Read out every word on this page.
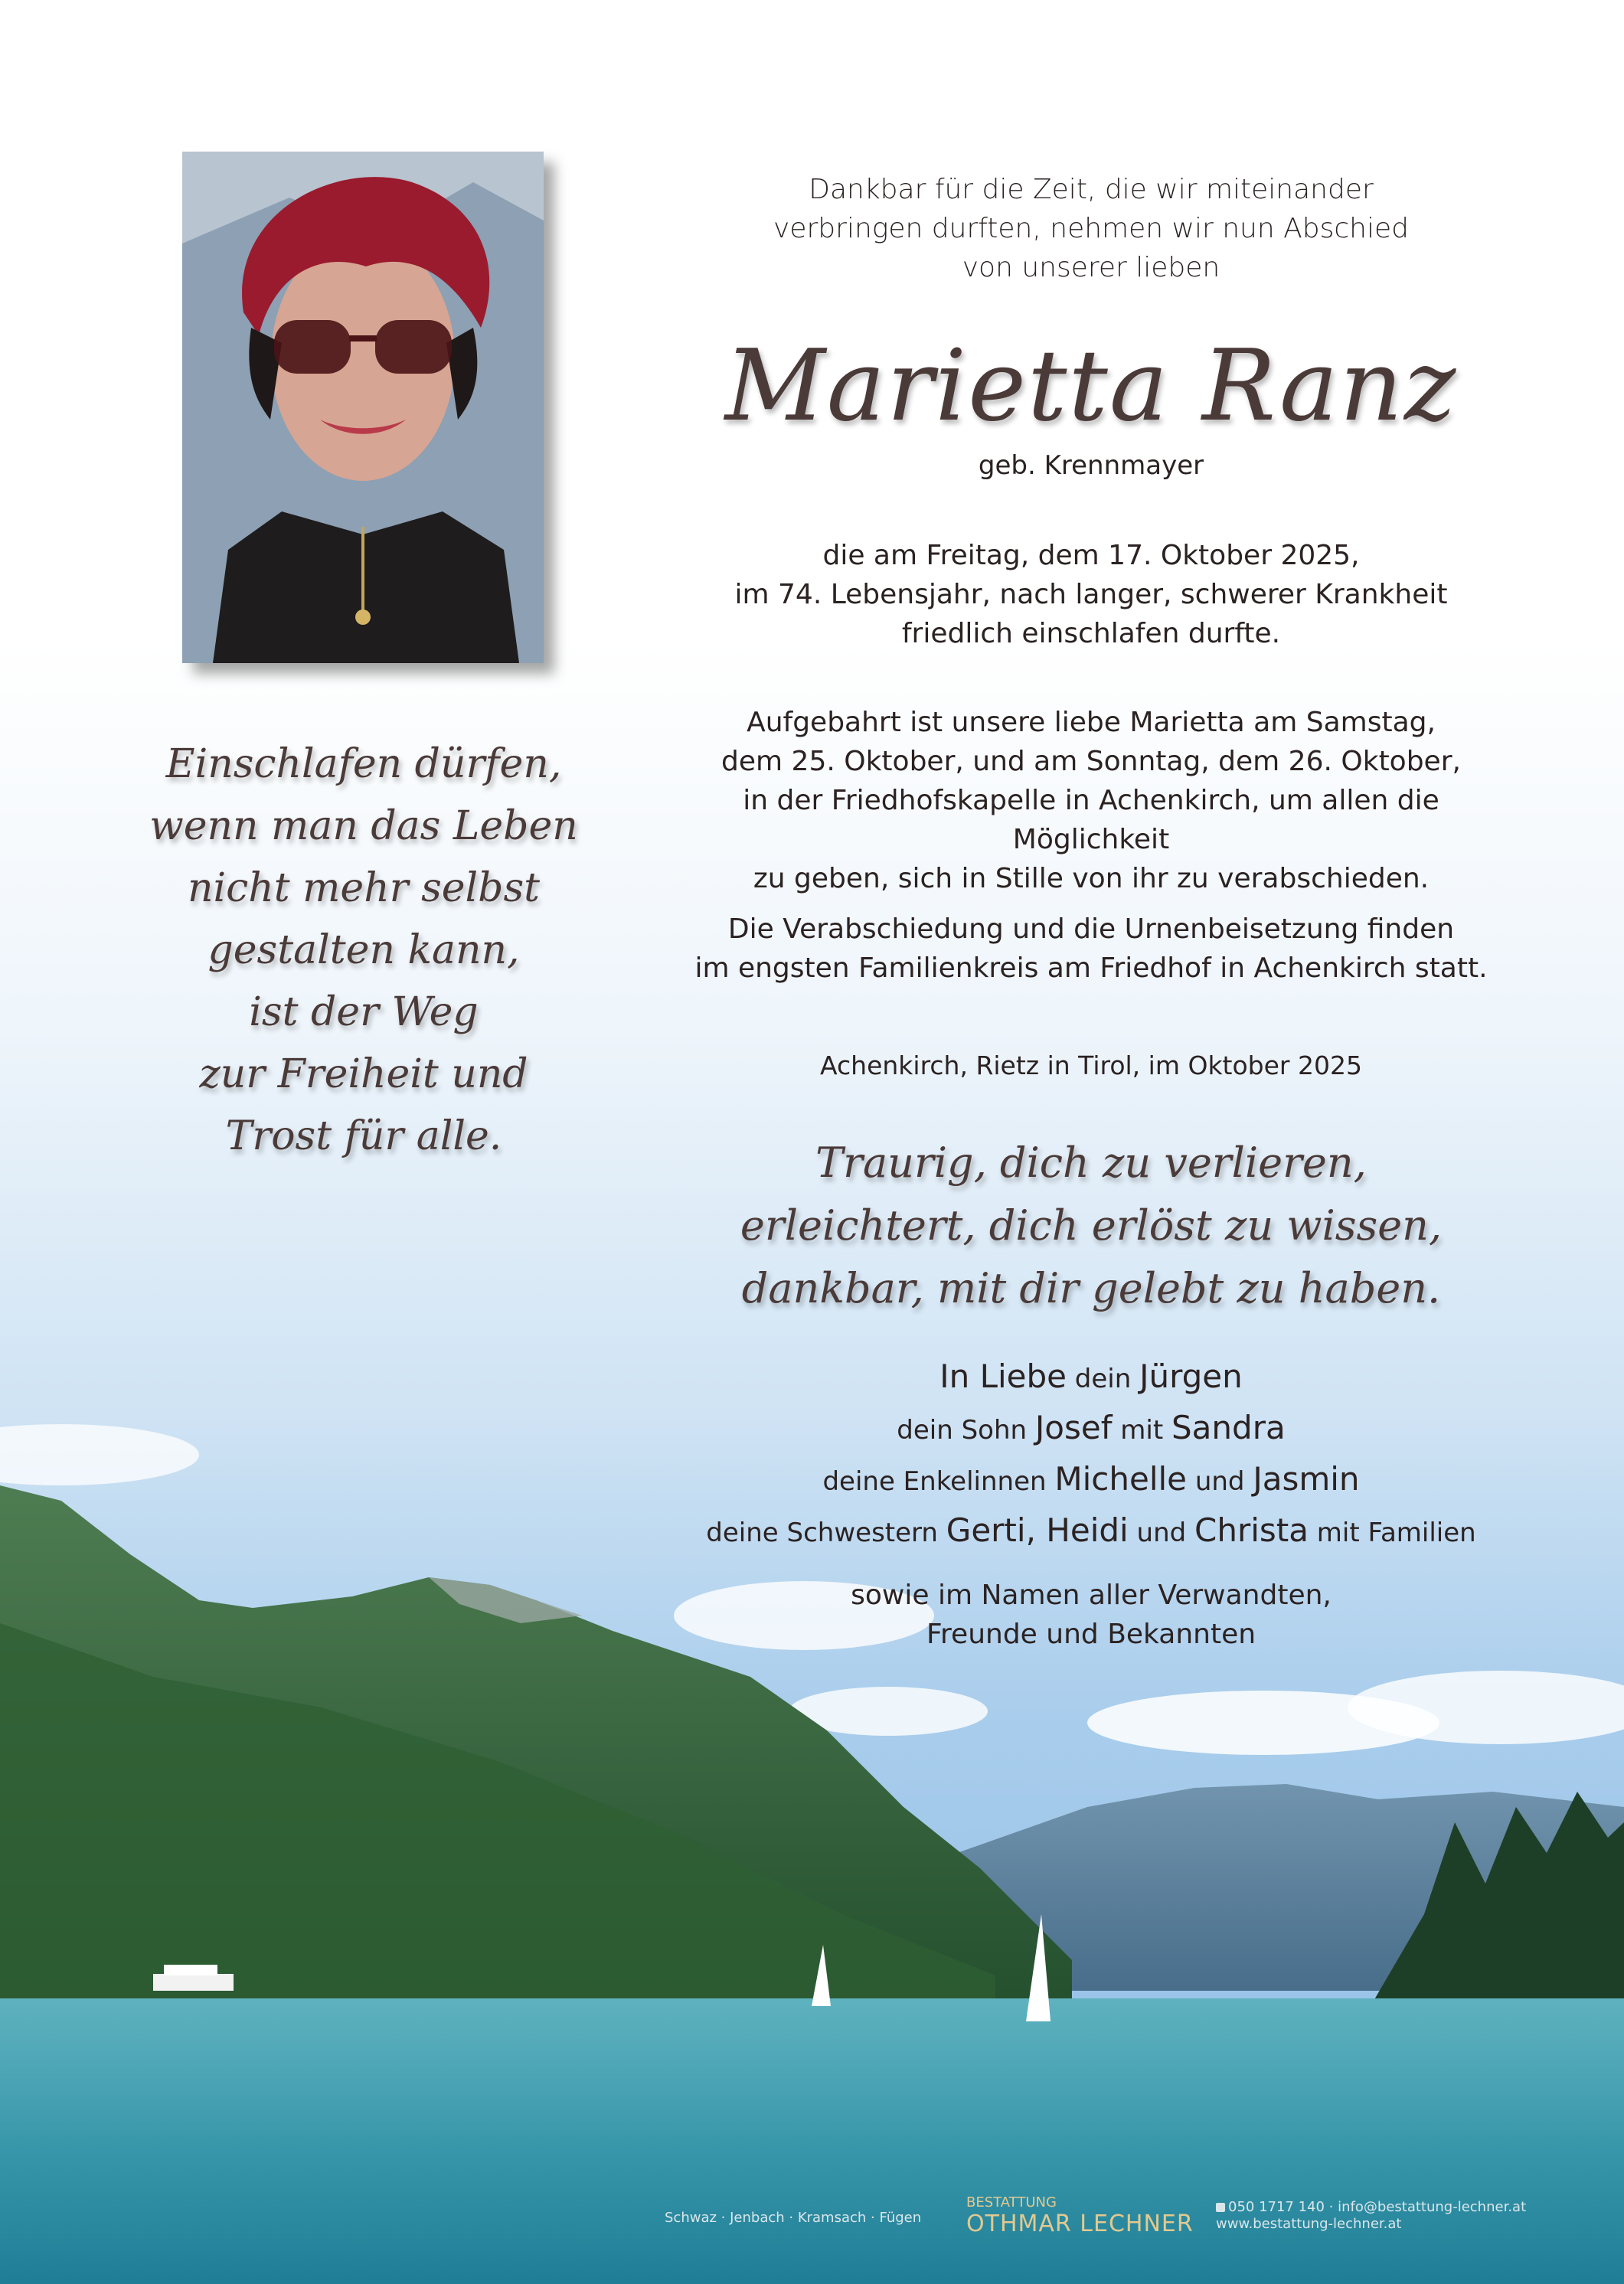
Dankbar für die Zeit, die wir miteinander
verbringen durften, nehmen wir nun Abschied
von unserer lieben
Marietta Ranz
geb. Krennmayer
die am Freitag, dem 17. Oktober 2025,
im 74. Lebensjahr, nach langer, schwerer Krankheit
friedlich einschlafen durfte.
Aufgebahrt ist unsere liebe Marietta am Samstag,
dem 25. Oktober, und am Sonntag, dem 26. Oktober,
in der Friedhofskapelle in Achenkirch, um allen die Möglichkeit
zu geben, sich in Stille von ihr zu verabschieden.
Die Verabschiedung und die Urnenbeisetzung finden
im engsten Familienkreis am Friedhof in Achenkirch statt.
Achenkirch, Rietz in Tirol, im Oktober 2025
Traurig, dich zu verlieren,
erleichtert, dich erlöst zu wissen,
dankbar, mit dir gelebt zu haben.
In Liebe dein Jürgen
dein Sohn Josef mit Sandra
deine Enkelinnen Michelle und Jasmin
deine Schwestern Gerti, Heidi und Christa mit Familien
sowie im Namen aller Verwandten,
Freunde und Bekannten
Einschlafen dürfen,
wenn man das Leben
nicht mehr selbst
gestalten kann,
ist der Weg
zur Freiheit und
Trost für alle.
Schwaz · Jenbach · Kramsach · Fügen
BESTATTUNG
OTHMAR LECHNER
050 1717 140 · info@bestattung-lechner.at
www.bestattung-lechner.at
